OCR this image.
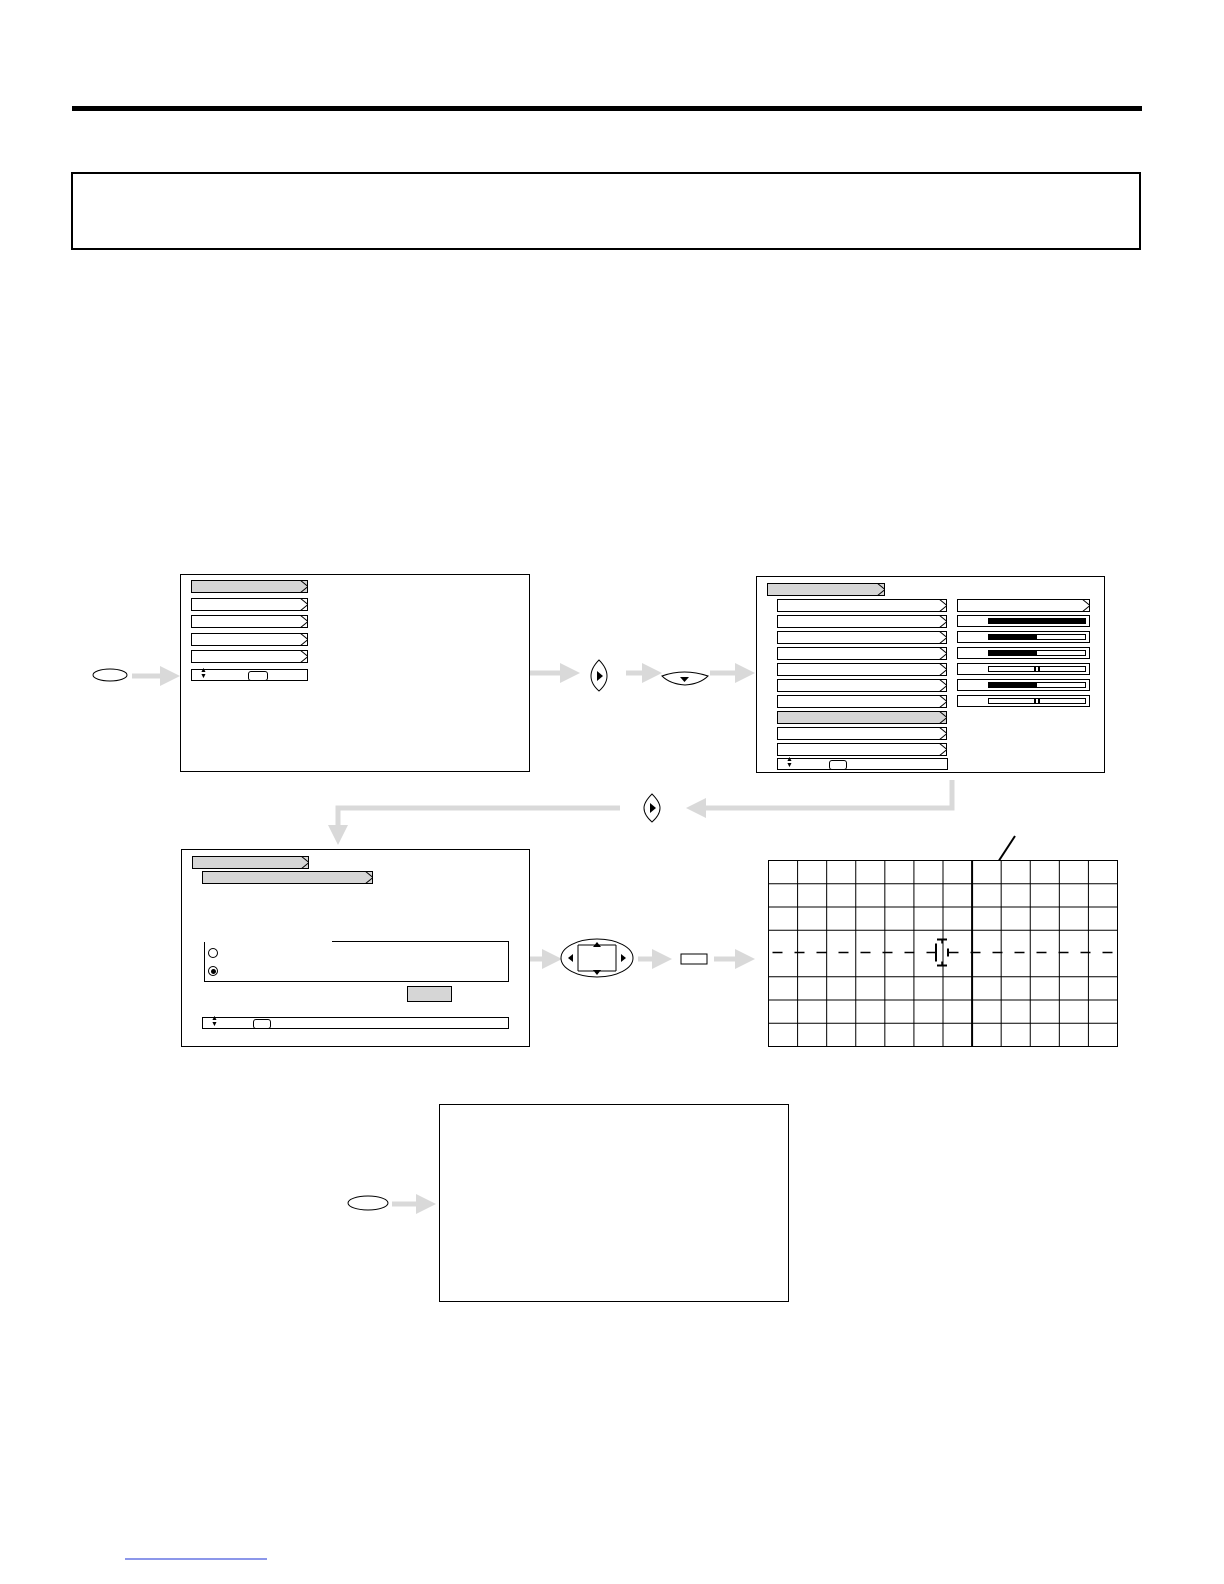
▲
▼
▲
▼
▲
▼
